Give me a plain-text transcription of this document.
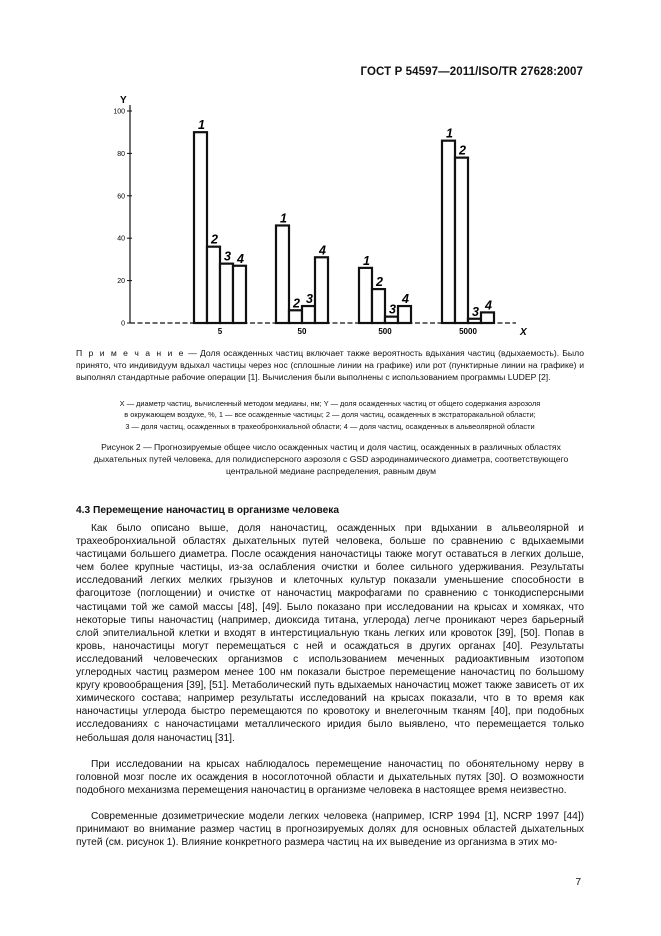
ГОСТ Р 54597—2011/ISO/TR 27628:2007
Y
X
0
20
40
60
80
100
1
2
3 4
5
1
2 3
4
50
1
2
3
4
500
1
2
3 4
5000
П р и м е ч а н и е — Доля осажденных частиц включает также вероятность вдыхания частиц (вдыхаемость). Было принято, что индивидуум вдыхал частицы через нос (сплошные линии на графике) или рот (пунктирные линии на графике) и выполнял стандартные рабочие операции [1]. Вычисления были выполнены с использованием программы LUDEP [2].
X — диаметр частиц, вычисленный методом медианы, нм; Y — доля осажденных частиц от общего содержания аэрозоля
в окружающем воздухе, %, 1 — все осажденные частицы; 2 — доля частиц, осажденных в экстраторакальной области;
3 — доля частиц, осажденных в трахеобронхиальной области; 4 — доля частиц, осажденных в альвеолярной области
Рисунок 2 — Прогнозируемые общее число осажденных частиц и доля частиц, осажденных в различных областях дыхательных путей человека, для полидисперсного аэрозоля с GSD аэродинамического диаметра, соответствующего центральной медиане распределения, равным двум
4.3 Перемещение наночастиц в организме человека

Как было описано выше, доля наночастиц, осажденных при вдыхании в альвеолярной и трахеобронхиальной областях дыхательных путей человека, больше по сравнению с вдыхаемыми частицами большего диаметра. После осаждения наночастицы также могут оставаться в легких дольше, чем более крупные частицы, из-за ослабления очистки и более сильного удерживания. Результаты исследований легких мелких грызунов и клеточных культур показали уменьшение способности в фагоцитозе (поглощении) и очистке от наночастиц макрофагами по сравнению с тонкодисперсными частицами той же самой массы [48], [49]. Было показано при исследовании на крысах и хомяках, что некоторые типы наночастиц (например, диоксида титана, углерода) легче проникают через барьерный слой эпителиальной клетки и входят в интерстициальную ткань легких или кровоток [39], [50]. Попав в кровь, наночастицы могут перемещаться с ней и осаждаться в других органах [40]. Результаты исследований человеческих организмов с использованием меченных радиоактивным изотопом углеродных частиц размером менее 100 нм показали быстрое перемещение наночастиц по большому кругу кровообращения [39], [51]. Метаболический путь вдыхаемых наночастиц может также зависеть от их химического состава; например результаты исследований на крысах показали, что в то время как наночастицы углерода быстро перемещаются по кровотоку и внелегочным тканям [40], при подобных исследованиях с наночастицами металлического иридия было выявлено, что перемещается только небольшая доля наночастиц [31].

При исследовании на крысах наблюдалось перемещение наночастиц по обонятельному нерву в головной мозг после их осаждения в носоглоточной области и дыхательных путях [30]. О возможности подобного механизма перемещения наночастиц в организме человека в настоящее время неизвестно.

Современные дозиметрические модели легких человека (например, ICRP 1994 [1], NCRP 1997 [44]) принимают во внимание размер частиц в прогнозируемых долях для основных областей дыхательных путей (см. рисунок 1). Влияние конкретного размера частиц на их выведение из организма в этих мо-

7
